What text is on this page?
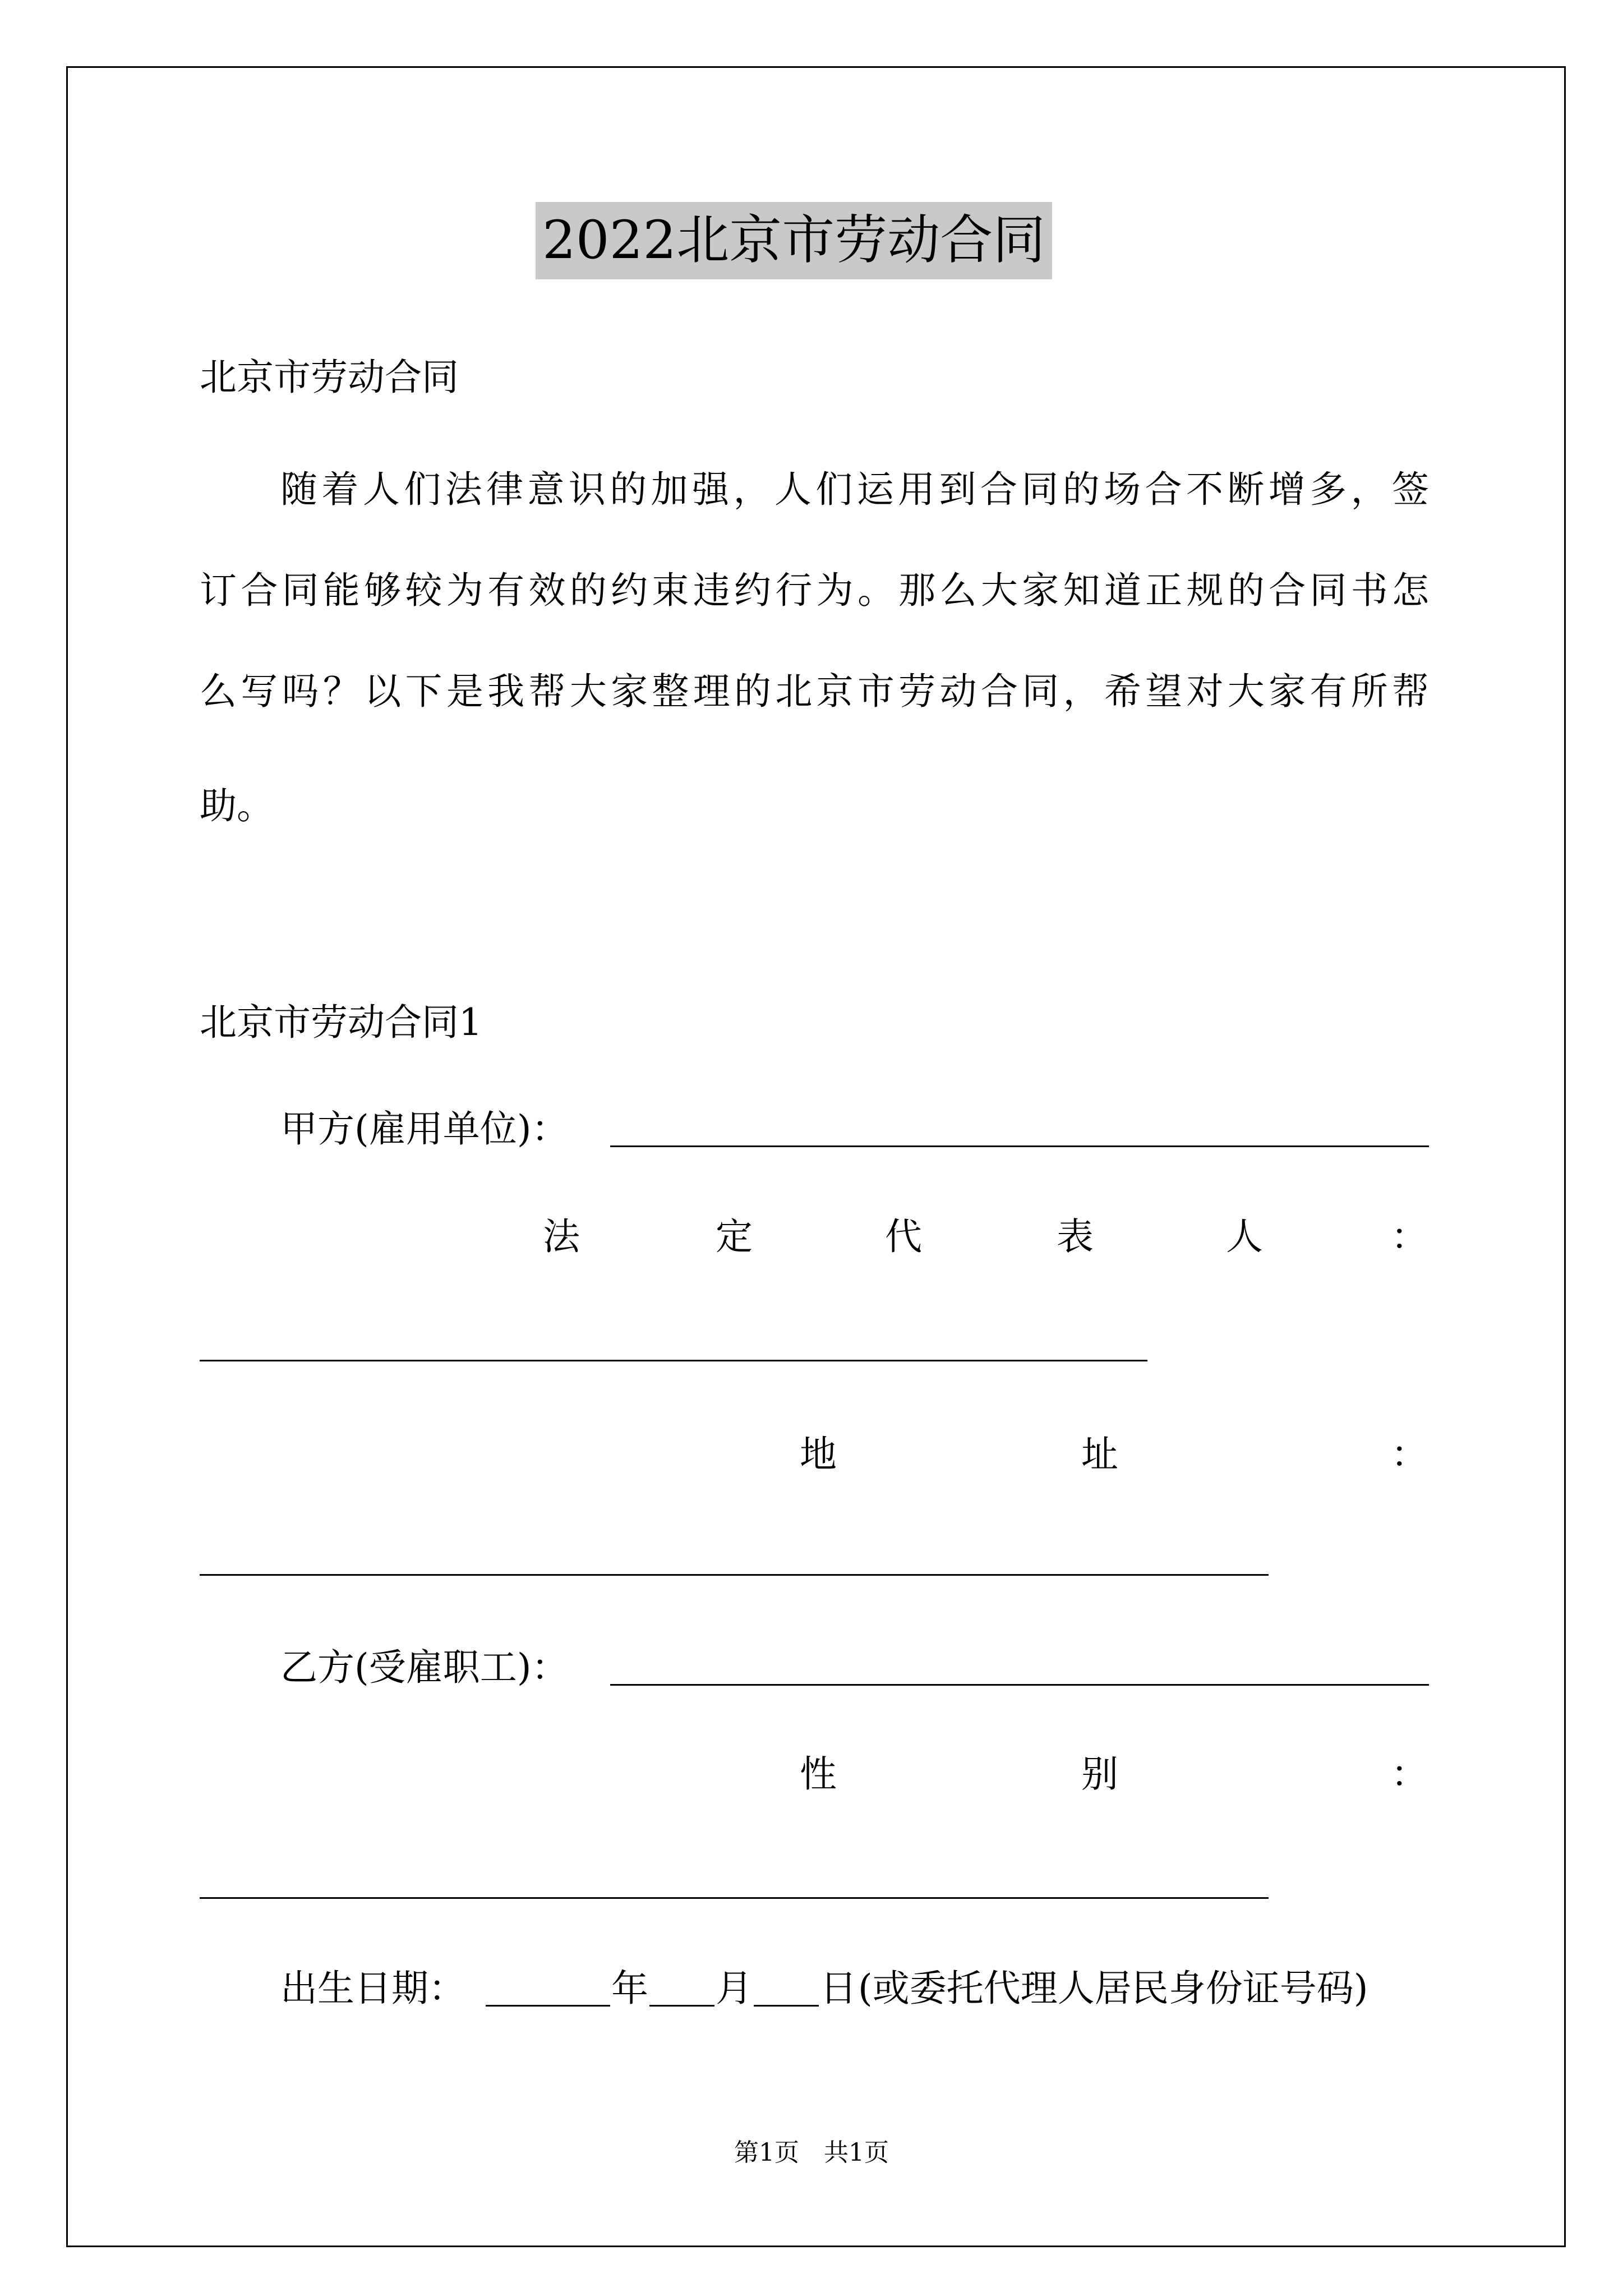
2022北京市劳动合同
北京市劳动合同
随着人们法律意识的加强，人们运用到合同的场合不断增多，签
订合同能够较为有效的约束违约行为。那么大家知道正规的合同书怎
么写吗？以下是我帮大家整理的北京市劳动合同，希望对大家有所帮
助。
北京市劳动合同1
甲方(雇用单位)：
法	定	代	表	人	：
地	址	：
乙方(受雇职工)：
性	别	：
出生日期：	年 月 日 (或委托代理人居民身份证号码)
第1页　共1页
